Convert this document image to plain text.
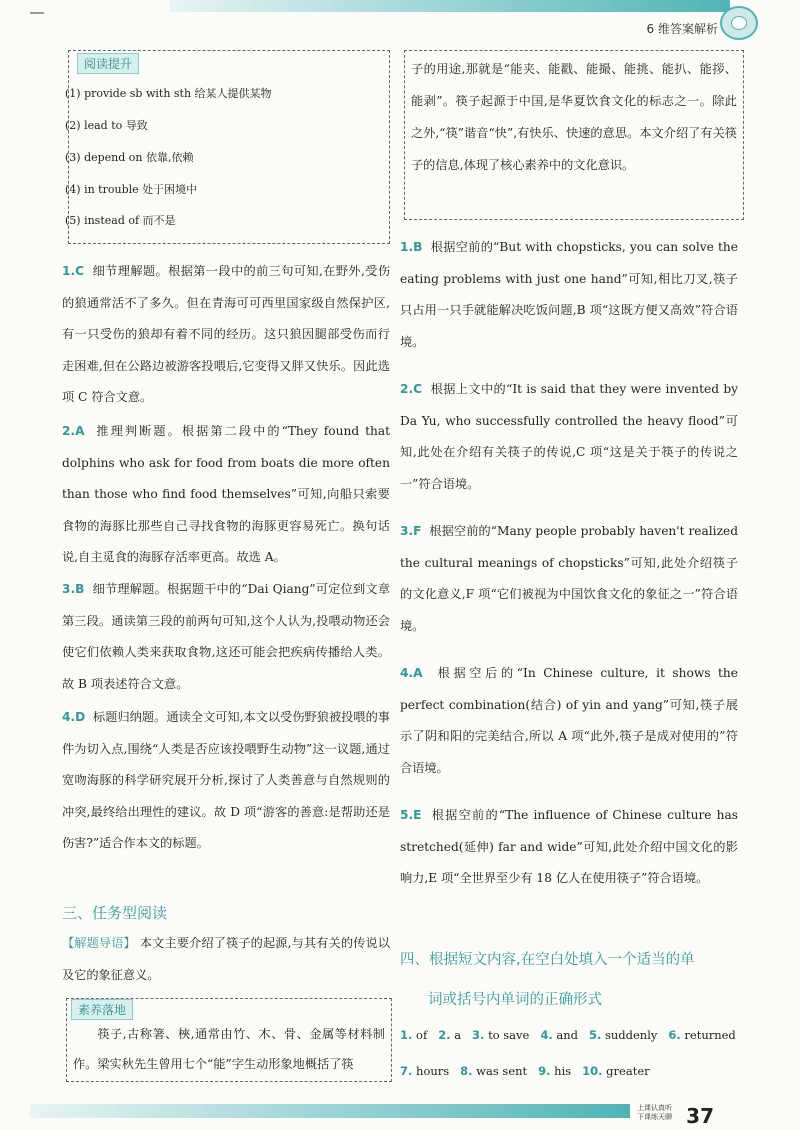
6 维答案解析
阅读提升
(1) provide sb with sth 给某人提供某物
(2) lead to 导致
(3) depend on 依靠,依赖
(4) in trouble 处于困境中
(5) instead of 而不是
1.C 细节理解题。根据第一段中的前三句可知,在野外,受伤的狼通常活不了多久。但在青海可可西里国家级自然保护区,有一只受伤的狼却有着不同的经历。这只狼因腿部受伤而行走困难,但在公路边被游客投喂后,它变得又胖又快乐。因此选项 C 符合文意。
2.A 推理判断题。根据第二段中的“They found that dolphins who ask for food from boats die more often than those who find food themselves”可知,向船只索要食物的海豚比那些自己寻找食物的海豚更容易死亡。换句话说,自主觅食的海豚存活率更高。故选 A。
3.B 细节理解题。根据题干中的“Dai Qiang”可定位到文章第三段。通读第三段的前两句可知,这个人认为,投喂动物还会使它们依赖人类来获取食物,这还可能会把疾病传播给人类。故 B 项表述符合文意。
4.D 标题归纳题。通读全文可知,本文以受伤野狼被投喂的事件为切入点,围绕“人类是否应该投喂野生动物”这一议题,通过宽吻海豚的科学研究展开分析,探讨了人类善意与自然规则的冲突,最终给出理性的建议。故 D 项“游客的善意:是帮助还是伤害?”适合作本文的标题。
三、任务型阅读
【解题导语】 本文主要介绍了筷子的起源,与其有关的传说以及它的象征意义。
素养落地
筷子,古称箸、梜,通常由竹、木、骨、金属等材料制作。梁实秋先生曾用七个“能”字生动形象地概括了筷
子的用途,那就是“能夹、能戳、能撮、能挑、能扒、能拶、能剥”。筷子起源于中国,是华夏饮食文化的标志之一。除此之外,“筷”谐音“快”,有快乐、快速的意思。本文介绍了有关筷子的信息,体现了核心素养中的文化意识。
1.B 根据空前的“But with chopsticks, you can solve the eating problems with just one hand”可知,相比刀叉,筷子只占用一只手就能解决吃饭问题,B 项“这既方便又高效”符合语境。
2.C 根据上文中的“It is said that they were invented by Da Yu, who successfully controlled the heavy flood”可知,此处在介绍有关筷子的传说,C 项“这是关于筷子的传说之一”符合语境。
3.F 根据空前的“Many people probably haven't realized the cultural meanings of chopsticks”可知,此处介绍筷子的文化意义,F 项“它们被视为中国饮食文化的象征之一”符合语境。
4.A 根据空后的“In Chinese culture, it shows the perfect combination(结合) of yin and yang”可知,筷子展示了阴和阳的完美结合,所以 A 项“此外,筷子是成对使用的”符合语境。
5.E 根据空前的“The influence of Chinese culture has stretched(延伸) far and wide”可知,此处介绍中国文化的影响力,E 项“全世界至少有 18 亿人在使用筷子”符合语境。
四、根据短文内容,在空白处填入一个适当的单
词或括号内单词的正确形式
1. of 2. a 3. to save 4. and 5. suddenly 6. returned
7. hours 8. was sent 9. his 10. greater
上课认真听
下课练天聊 37
